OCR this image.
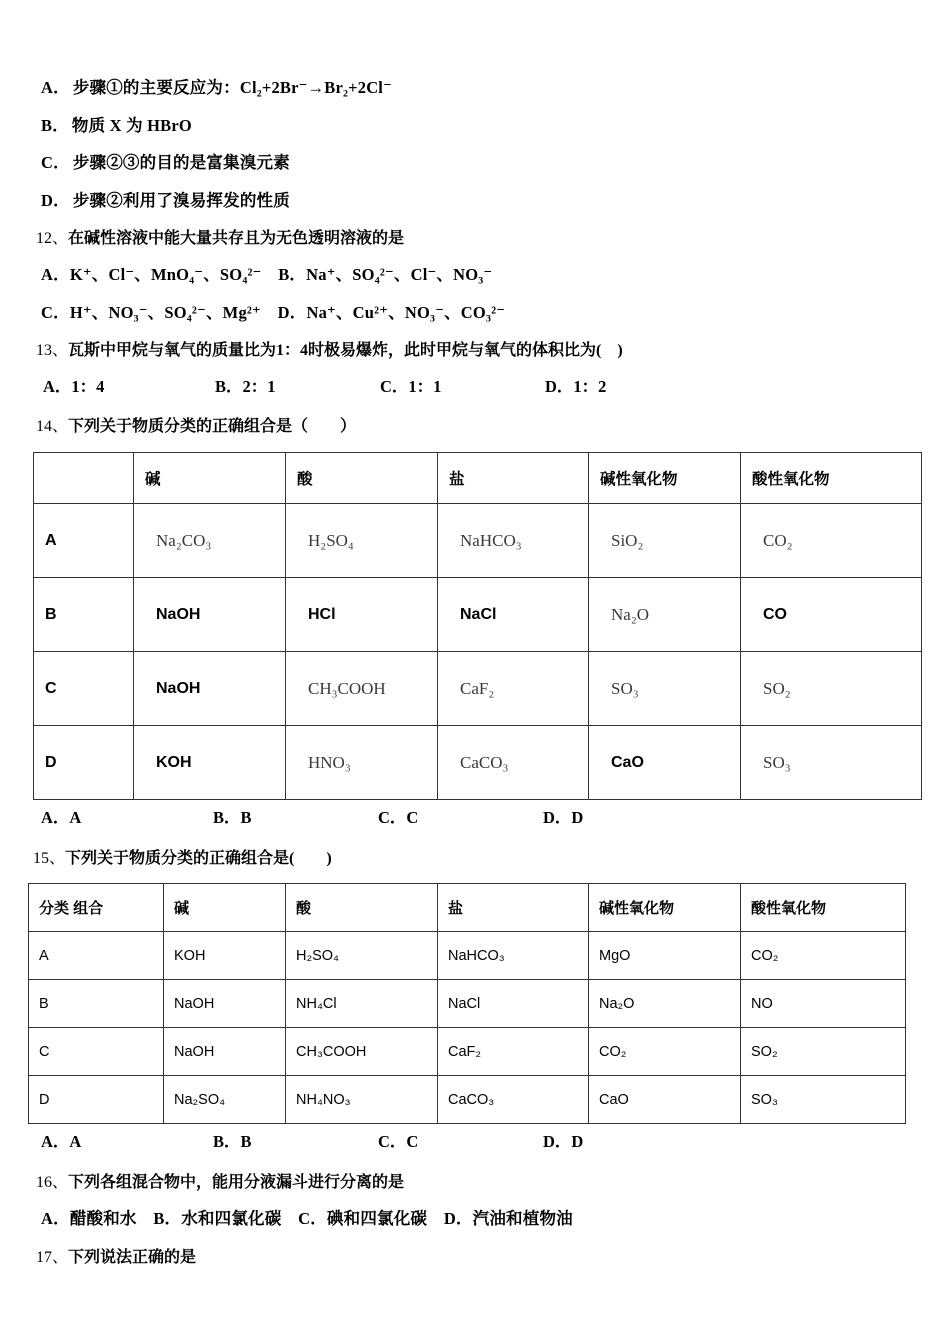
A． 步骤①的主要反应为：Cl₂+2Br⁻→Br₂+2Cl⁻
B． 物质 X 为 HBrO
C． 步骤②③的目的是富集溴元素
D． 步骤②利用了溴易挥发的性质
12、在碱性溶液中能大量共存且为无色透明溶液的是
A．K⁺、Cl⁻、MnO₄⁻、SO₄²⁻　B．Na⁺、SO₄²⁻、Cl⁻、NO₃⁻
C．H⁺、NO₃⁻、SO₄²⁻、Mg²⁺　D．Na⁺、Cu²⁺、NO₃⁻、CO₃²⁻
13、瓦斯中甲烷与氧气的质量比为1：4时极易爆炸，此时甲烷与氧气的体积比为(　)
A．1：4	B．2：1	C．1：1	D．1：2
14、下列关于物质分类的正确组合是（　　）
	碱	酸	盐	碱性氧化物	酸性氧化物
A	Na₂CO₃	H₂SO₄	NaHCO₃	SiO₂	CO₂
B	NaOH	HCl	NaCl	Na₂O	CO
C	NaOH	CH₃COOH	CaF₂	SO₃	SO₂
D	KOH	HNO₃	CaCO₃	CaO	SO₃
A．A	B．B	C．C	D．D
15、下列关于物质分类的正确组合是(　　)
分类 组合	碱	酸	盐	碱性氧化物	酸性氧化物
A	KOH	H₂SO₄	NaHCO₃	MgO	CO₂
B	NaOH	NH₄Cl	NaCl	Na₂O	NO
C	NaOH	CH₃COOH	CaF₂	CO₂	SO₂
D	Na₂SO₄	NH₄NO₃	CaCO₃	CaO	SO₃
A．A	B．B	C．C	D．D
16、下列各组混合物中，能用分液漏斗进行分离的是
A．醋酸和水　B．水和四氯化碳　C．碘和四氯化碳　D．汽油和植物油
17、下列说法正确的是
